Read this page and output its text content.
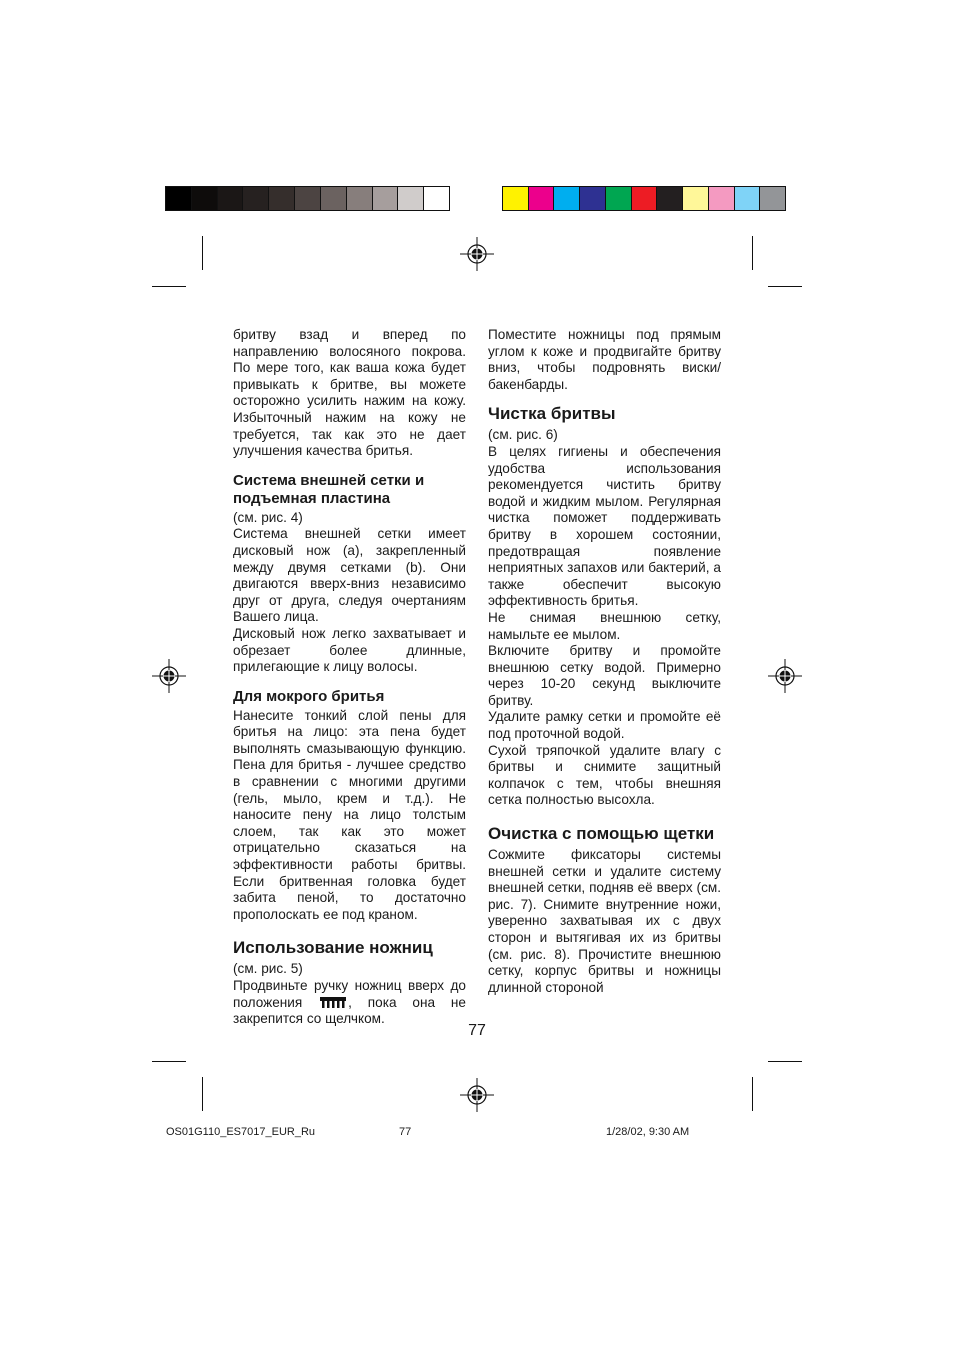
бритву взад и вперед по направлению волосяного покрова. По мере того, как ваша кожа будет привыкать к бритве, вы можете осторожно усилить нажим на кожу. Избыточный нажим на кожу не требуется, так как это не дает улучшения качества бритья.

Система внешней сетки и подъемная пластина
(см. рис. 4)

Система внешней сетки имеет дисковый нож (a), закрепленный между двумя сетками (b). Они двигаются вверх-вниз независимо друг от друга, следуя очертаниям Вашего лица.

Дисковый нож легко захватывает и обрезает более длинные, прилегающие к лицу волосы.

Для мокрого бритья

Нанесите тонкий слой пены для бритья на лицо: эта пена будет выполнять смазывающую функцию. Пена для бритья - лучшее средство в сравнении с многими другими (гель, мыло, крем и т.д.). Не наносите пену на лицо толстым слоем, так как это может отрицательно сказаться на эффективности работы бритвы. Если бритвенная головка будет забита пеной, то достаточно прополоскать ее под краном.

Использование ножниц
(см. рис. 5)

Продвиньте ручку ножниц вверх до положения	, пока она не закрепится со щелчком.

Поместите ножницы под прямым углом к коже и продвигайте бритву вниз, чтобы подровнять виски/бакенбарды.

Чистка бритвы
(см. рис. 6)

В целях гигиены и обеспечения удобства использования рекомендуется чистить бритву водой и жидким мылом. Регулярная чистка поможет поддерживать бритву в хорошем состоянии, предотвращая появление неприятных запахов или бактерий, а также обеспечит высокую эффективность бритья.

Не снимая внешнюю сетку, намыльте ее мылом.

Включите бритву и промойте внешнюю сетку водой. Примерно через 10-20 секунд выключите бритву.

Удалите рамку сетки и промойте её под проточной водой.

Сухой тряпочкой удалите влагу с бритвы и снимите защитный колпачок с тем, чтобы внешняя сетка полностью высохла.

Очистка с помощью щетки

Сожмите фиксаторы системы внешней сетки и удалите систему внешней сетки, подняв её вверх (см. рис. 7). Снимите внутренние ножи, уверенно захватывая их с двух сторон и вытягивая их из бритвы (см. рис. 8). Прочистите внешнюю сетку, корпус бритвы и ножницы длинной стороной

77
OS01G110_ES7017_EUR_Ru	77	1/28/02, 9:30 AM
